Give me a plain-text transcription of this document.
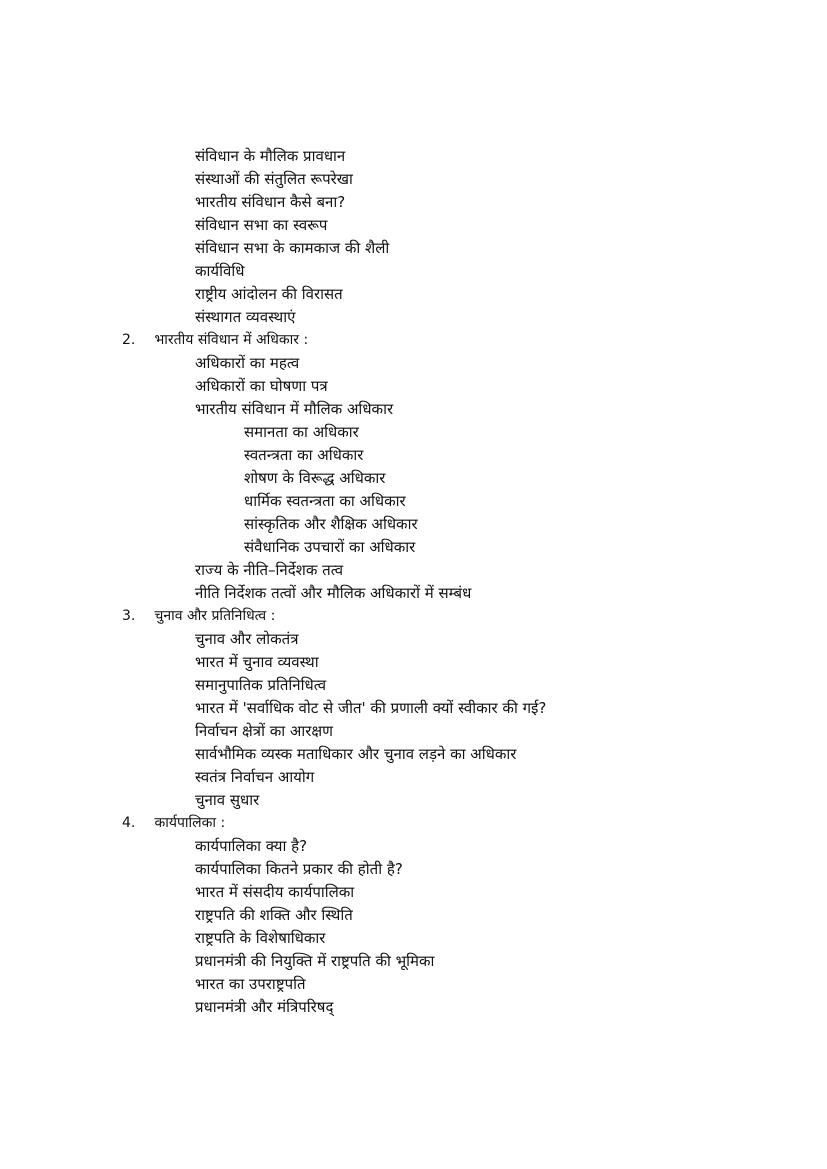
संविधान के मौलिक प्रावधान
संस्थाओं की संतुलित रूपरेखा
भारतीय संविधान कैसे बना?
संविधान सभा का स्वरूप
संविधान सभा के कामकाज की शैली
कार्यविधि
राष्ट्रीय आंदोलन की विरासत
संस्थागत व्यवस्थाएं
2. भारतीय संविधान में अधिकार :
अधिकारों का महत्व
अधिकारों का घोषणा पत्र
भारतीय संविधान में मौलिक अधिकार
समानता का अधिकार
स्वतन्त्रता का अधिकार
शोषण के विरूद्ध अधिकार
धार्मिक स्वतन्त्रता का अधिकार
सांस्कृतिक और शैक्षिक अधिकार
संवैधानिक उपचारों का अधिकार
राज्य के नीति–निर्देशक तत्व
नीति निर्देशक तत्वों और मौलिक अधिकारों में सम्बंध
3. चुनाव और प्रतिनिधित्व :
चुनाव और लोकतंत्र
भारत में चुनाव व्यवस्था
समानुपातिक प्रतिनिधित्व
भारत में 'सर्वाधिक वोट से जीत' की प्रणाली क्यों स्वीकार की गई?
निर्वाचन क्षेत्रों का आरक्षण
सार्वभौमिक व्यस्क मताधिकार और चुनाव लड़ने का अधिकार
स्वतंत्र निर्वाचन आयोग
चुनाव सुधार
4. कार्यपालिका :
कार्यपालिका क्या है?
कार्यपालिका कितने प्रकार की होती है?
भारत में संसदीय कार्यपालिका
राष्ट्रपति की शक्ति और स्थिति
राष्ट्रपति के विशेषाधिकार
प्रधानमंत्री की नियुक्ति में राष्ट्रपति की भूमिका
भारत का उपराष्ट्रपति
प्रधानमंत्री और मंत्रिपरिषद्
